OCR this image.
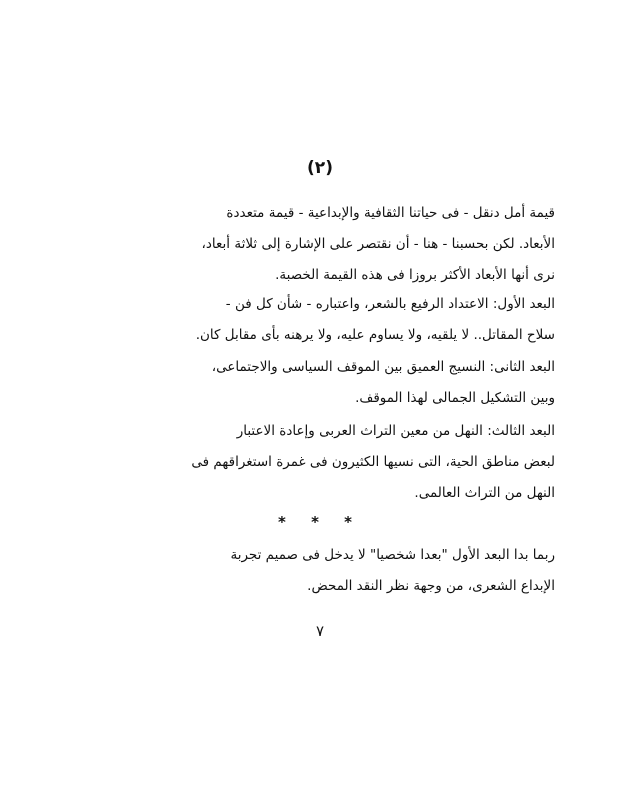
(٢)
قيمة أمل دنقل - فى حياتنا الثقافية والإبداعية - قيمة متعددة
الأبعاد. لكن بحسبنا - هنا - أن نقتصر على الإشارة إلى ثلاثة أبعاد،
نرى أنها الأبعاد الأكثر بروزا فى هذه القيمة الخصبة.
البعد الأول: الاعتداد الرفيع بالشعر، واعتباره - شأن كل فن -
سلاح المقاتل.. لا يلقيه، ولا يساوم عليه، ولا يرهنه بأى مقابل كان.
البعد الثانى: النسيج العميق بين الموقف السياسى والاجتماعى،
وبين التشكيل الجمالى لهذا الموقف.
البعد الثالث: النهل من معين التراث العربى وإعادة الاعتبار
لبعض مناطق الحية، التى نسيها الكثيرون فى غمرة استغراقهم فى
النهل من التراث العالمى.
* * *
ربما بدا البعد الأول "بعدا شخصيا" لا يدخل فى صميم تجربة
الإبداع الشعرى، من وجهة نظر النقد المحض.
٧
